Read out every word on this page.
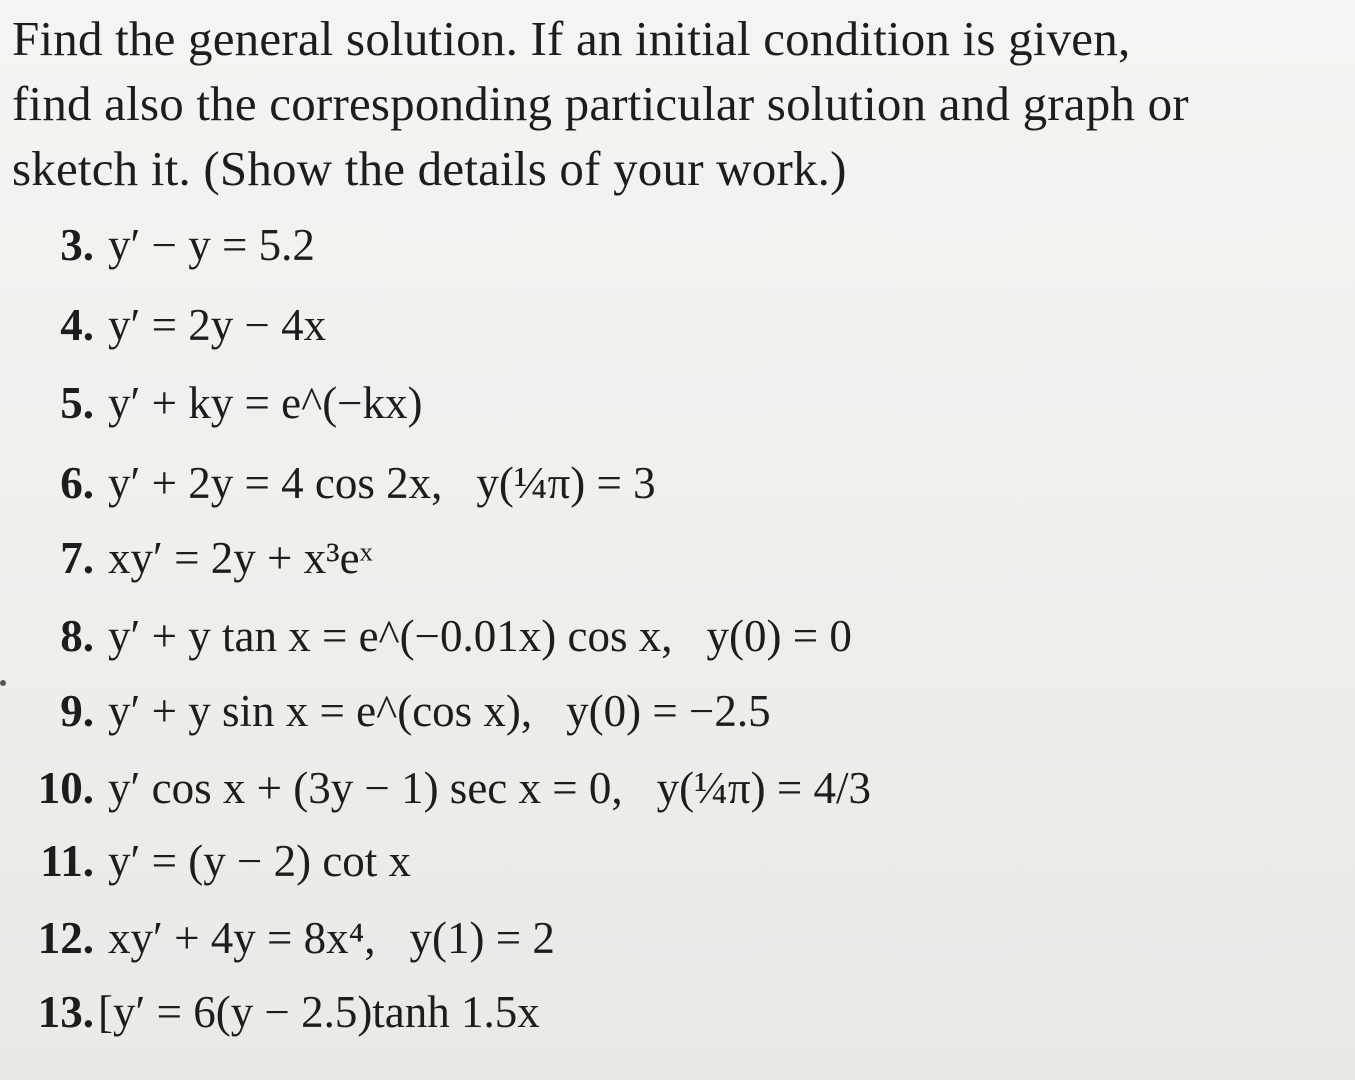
Find the general solution. If an initial condition is given,
find also the corresponding particular solution and graph or
sketch it. (Show the details of your work.)
3. y′ − y = 5.2
4. y′ = 2y − 4x
5. y′ + ky = e^(−kx)
6. y′ + 2y = 4 cos 2x, y(¼π) = 3
7. xy′ = 2y + x³eˣ
8. y′ + y tan x = e^(−0.01x) cos x, y(0) = 0
9. y′ + y sin x = e^(cos x), y(0) = −2.5
10. y′ cos x + (3y − 1) sec x = 0, y(¼π) = 4/3
11. y′ = (y − 2) cot x
12. xy′ + 4y = 8x⁴, y(1) = 2
13.[y′ = 6(y − 2.5)tanh 1.5x
